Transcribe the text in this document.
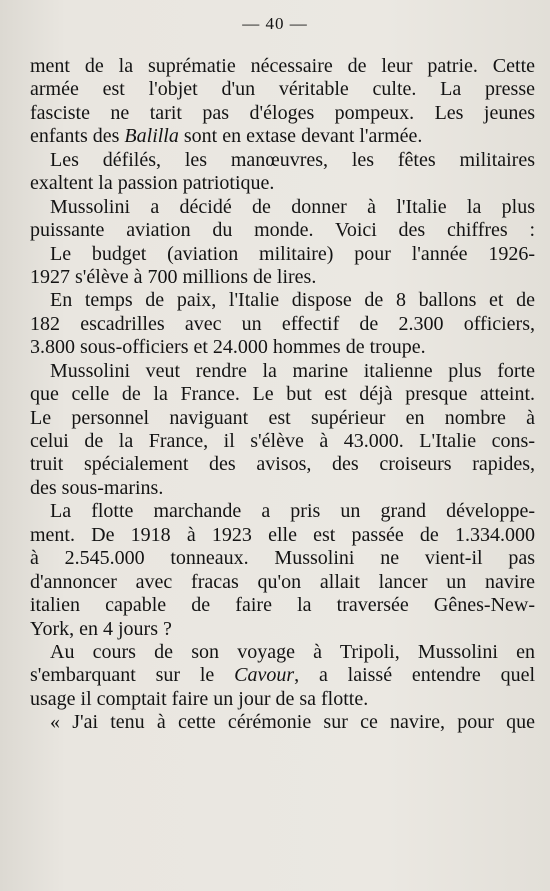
— 40 —
ment de la suprématie nécessaire de leur patrie. Cette
armée est l'objet d'un véritable culte. La presse
fasciste ne tarit pas d'éloges pompeux. Les jeunes
enfants des Balilla sont en extase devant l'armée.
Les défilés, les manœuvres, les fêtes militaires
exaltent la passion patriotique.
Mussolini a décidé de donner à l'Italie la plus
puissante aviation du monde. Voici des chiffres :
Le budget (aviation militaire) pour l'année 1926-
1927 s'élève à 700 millions de lires.
En temps de paix, l'Italie dispose de 8 ballons et de
182 escadrilles avec un effectif de 2.300 officiers,
3.800 sous-officiers et 24.000 hommes de troupe.
Mussolini veut rendre la marine italienne plus forte
que celle de la France. Le but est déjà presque atteint.
Le personnel naviguant est supérieur en nombre à
celui de la France, il s'élève à 43.000. L'Italie cons-
truit spécialement des avisos, des croiseurs rapides,
des sous-marins.
La flotte marchande a pris un grand développe-
ment. De 1918 à 1923 elle est passée de 1.334.000
à 2.545.000 tonneaux. Mussolini ne vient-il pas
d'annoncer avec fracas qu'on allait lancer un navire
italien capable de faire la traversée Gênes-New-
York, en 4 jours ?
Au cours de son voyage à Tripoli, Mussolini en
s'embarquant sur le Cavour, a laissé entendre quel
usage il comptait faire un jour de sa flotte.
« J'ai tenu à cette cérémonie sur ce navire, pour que
